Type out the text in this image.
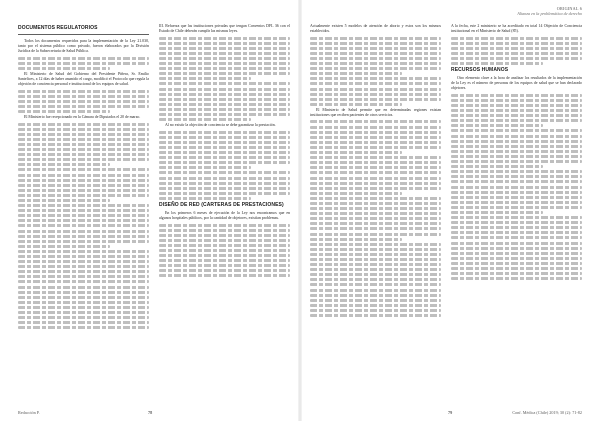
DOCUMENTOS REGULATORIOS

Todos los documentos requeridos para la implementación de la Ley 21.030, tanto por el sistema público como privado, fueron elaborados por la División Jurídica de la Subsecretaría de Salud Pública.

El Ministerio de Salud del Gobierno del Presidente Piñera, Sr. Emilio Santelices, a 12 días de haber asumido el cargo, modificó el Protocolo que regula la objeción de conciencia personal e institucional de los equipos de salud.

El Ministerio fue recepcionado en la Cámara de Diputados el 20 de marzo.

III. Refuerza que las instituciones privadas que tengan Convenios DFL 36 con el Estado de Chile deberán cumplir las mismas leyes.

Al no existir la objeción de conciencia se debe garantizar la prestación.

DISEÑO DE RED (CARTERAS DE PRESTACIONES)

En los primeros 6 meses de ejecución de la Ley nos encontramos que en algunos hospitales públicos, por la cantidad de objetores, existían problemas.

Redacción P.	78
ORIGINAL 6
Alianza en la problemática de derecho

Actualmente existen 5 modelos de atención de aborto y estos son los mismos establecidos.

El Ministerio de Salud permite que en determinadas regiones existan instituciones que reciben pacientes de otros servicios.

A la fecha, este 2 ministerio se ha acreditado en total 14 Objeción de Conciencia institucional en el Ministerio de Salud (85).

RECURSOS HUMANOS

Otro elemento clave a la hora de analizar los resultados de la implementación de la Ley es el número de personas de los equipos de salud que se han declarado objetores.

79	Conf. Médica (Chile) 2019; 30 (2): 71-82
